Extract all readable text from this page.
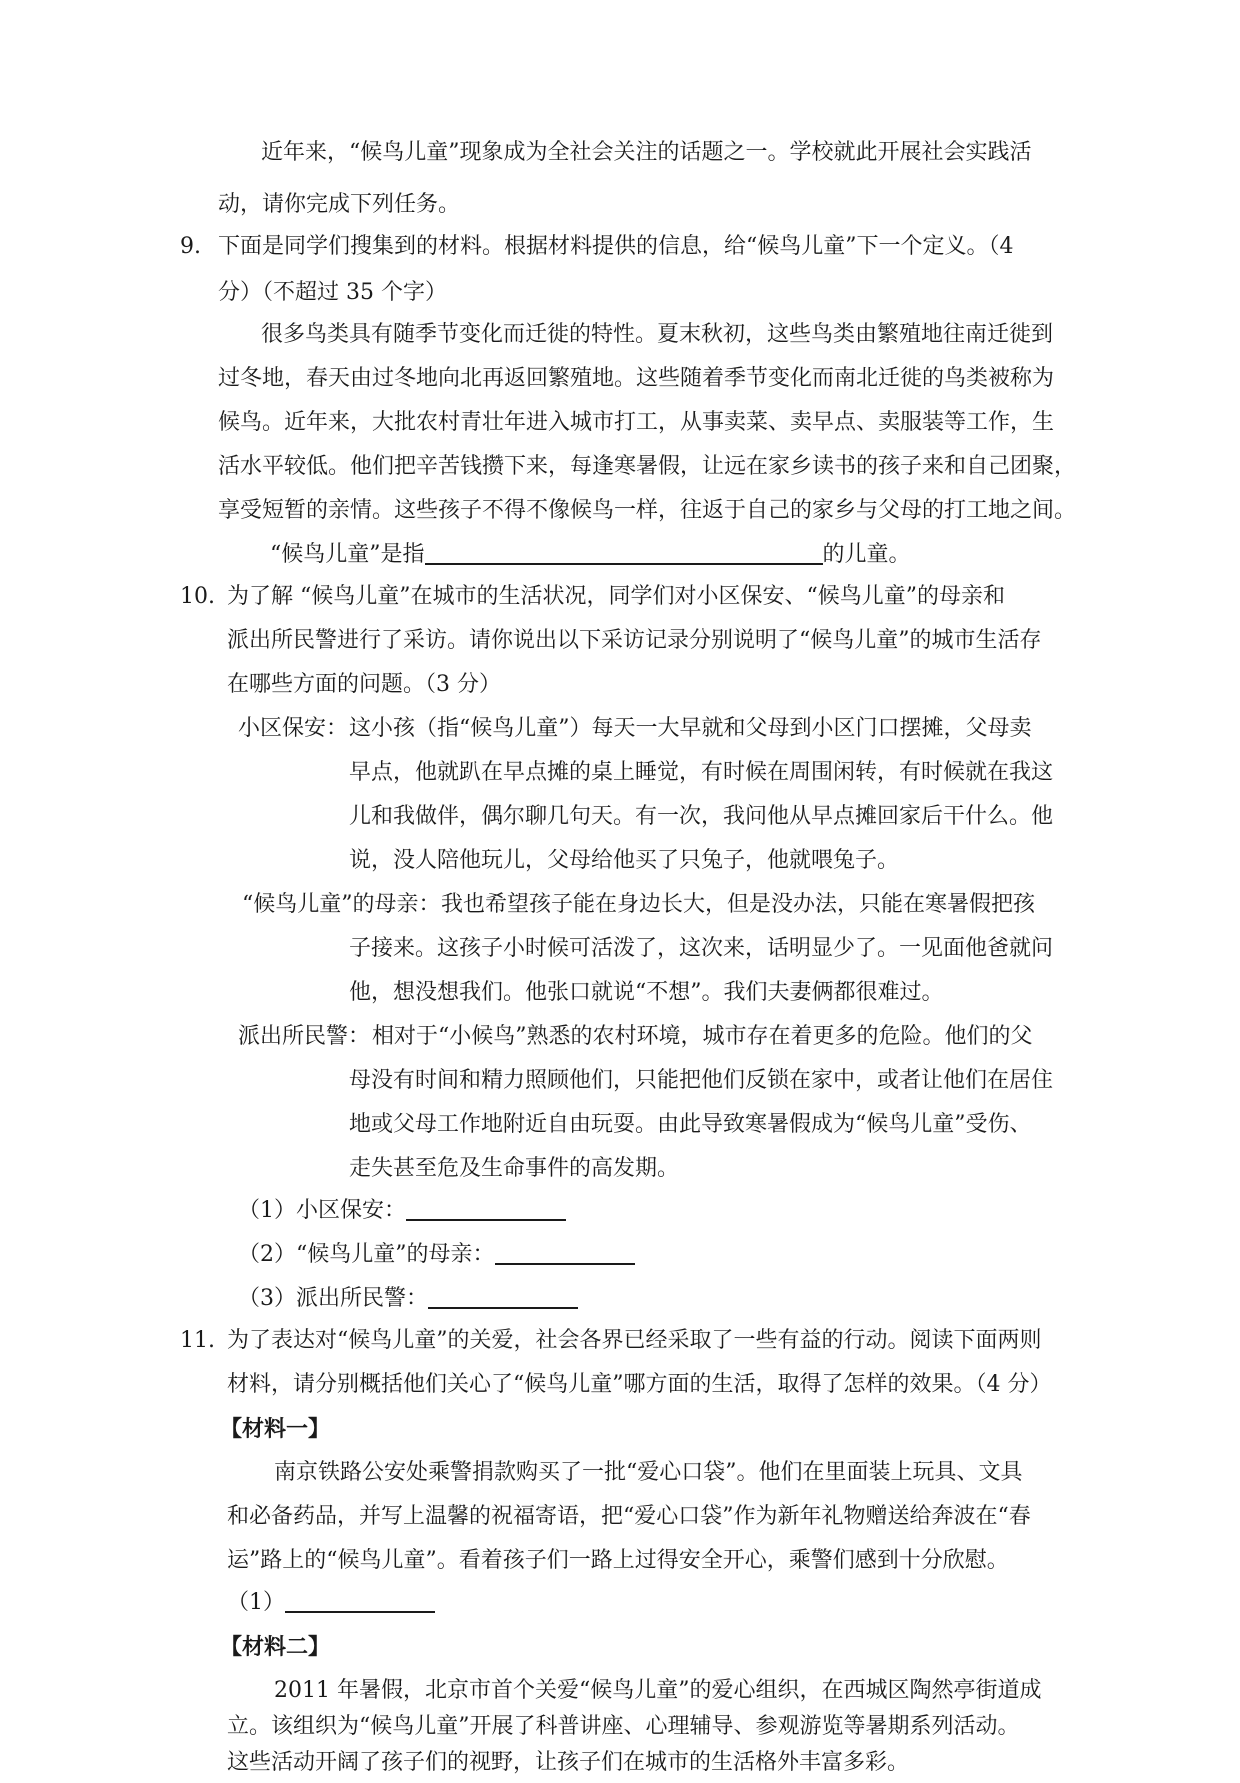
近年来，“候鸟儿童”现象成为全社会关注的话题之一。学校就此开展社会实践活
动，请你完成下列任务。
9. 下面是同学们搜集到的材料。根据材料提供的信息，给“候鸟儿童”下一个定义。（4
分）（不超过 35 个字）
很多鸟类具有随季节变化而迁徙的特性。夏末秋初，这些鸟类由繁殖地往南迁徙到
过冬地，春天由过冬地向北再返回繁殖地。这些随着季节变化而南北迁徙的鸟类被称为
候鸟。近年来，大批农村青壮年进入城市打工，从事卖菜、卖早点、卖服装等工作，生
活水平较低。他们把辛苦钱攒下来，每逢寒暑假，让远在家乡读书的孩子来和自己团聚，
享受短暂的亲情。这些孩子不得不像候鸟一样，往返于自己的家乡与父母的打工地之间。
“候鸟儿童”是指	的儿童。
10. 为了解 “候鸟儿童”在城市的生活状况，同学们对小区保安、“候鸟儿童”的母亲和
派出所民警进行了采访。请你说出以下采访记录分别说明了“候鸟儿童”的城市生活存
在哪些方面的问题。（3 分）
小区保安： 这小孩（指“候鸟儿童”）每天一大早就和父母到小区门口摆摊，父母卖
早点，他就趴在早点摊的桌上睡觉，有时候在周围闲转，有时候就在我这
儿和我做伴，偶尔聊几句天。有一次，我问他从早点摊回家后干什么。他
说，没人陪他玩儿，父母给他买了只兔子，他就喂兔子。
“候鸟儿童”的母亲： 我也希望孩子能在身边长大，但是没办法，只能在寒暑假把孩
子接来。这孩子小时候可活泼了，这次来，话明显少了。一见面他爸就问
他，想没想我们。他张口就说“不想”。我们夫妻俩都很难过。
派出所民警： 相对于“小候鸟”熟悉的农村环境，城市存在着更多的危险。他们的父
母没有时间和精力照顾他们，只能把他们反锁在家中，或者让他们在居住
地或父母工作地附近自由玩耍。由此导致寒暑假成为“候鸟儿童”受伤、
走失甚至危及生命事件的高发期。
（1）小区保安：
（2）“候鸟儿童”的母亲：
（3）派出所民警：
11. 为了表达对“候鸟儿童”的关爱，社会各界已经采取了一些有益的行动。阅读下面两则
材料，请分别概括他们关心了“候鸟儿童”哪方面的生活，取得了怎样的效果。（4 分）
【材料一】
南京铁路公安处乘警捐款购买了一批“爱心口袋”。他们在里面装上玩具、文具
和必备药品，并写上温馨的祝福寄语，把“爱心口袋”作为新年礼物赠送给奔波在“春
运”路上的“候鸟儿童”。看着孩子们一路上过得安全开心，乘警们感到十分欣慰。
（1）
【材料二】
2011 年暑假，北京市首个关爱“候鸟儿童”的爱心组织，在西城区陶然亭街道成
立。该组织为“候鸟儿童”开展了科普讲座、心理辅导、参观游览等暑期系列活动。
这些活动开阔了孩子们的视野，让孩子们在城市的生活格外丰富多彩。
